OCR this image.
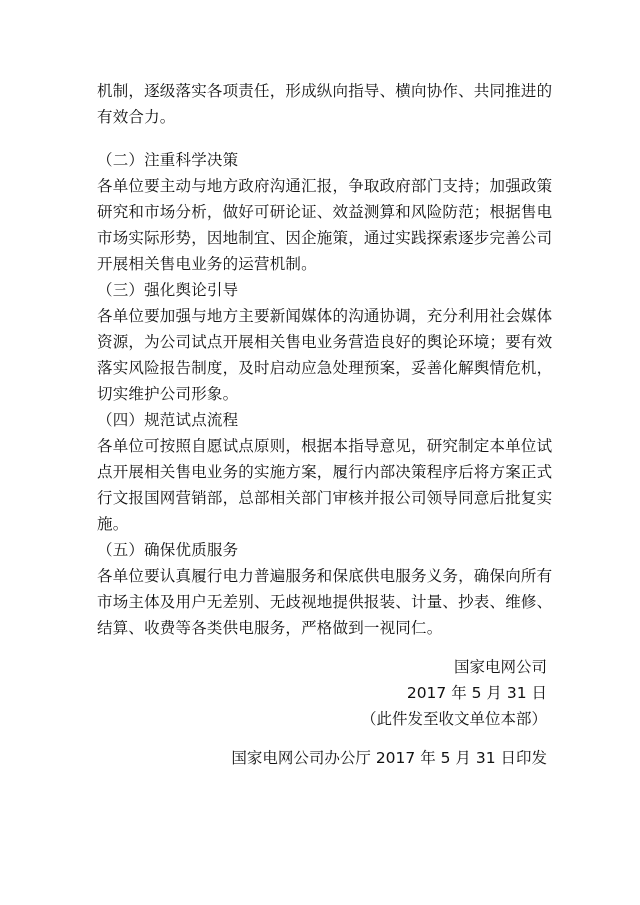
机制，逐级落实各项责任，形成纵向指导、横向协作、共同推进的
有效合力。
（二）注重科学决策
各单位要主动与地方政府沟通汇报，争取政府部门支持；加强政策
研究和市场分析，做好可研论证、效益测算和风险防范；根据售电
市场实际形势，因地制宜、因企施策，通过实践探索逐步完善公司
开展相关售电业务的运营机制。
（三）强化舆论引导
各单位要加强与地方主要新闻媒体的沟通协调，充分利用社会媒体
资源，为公司试点开展相关售电业务营造良好的舆论环境；要有效
落实风险报告制度，及时启动应急处理预案，妥善化解舆情危机，
切实维护公司形象。
（四）规范试点流程
各单位可按照自愿试点原则，根据本指导意见，研究制定本单位试
点开展相关售电业务的实施方案，履行内部决策程序后将方案正式
行文报国网营销部，总部相关部门审核并报公司领导同意后批复实
施。
（五）确保优质服务
各单位要认真履行电力普遍服务和保底供电服务义务，确保向所有
市场主体及用户无差别、无歧视地提供报装、计量、抄表、维修、
结算、收费等各类供电服务，严格做到一视同仁。
国家电网公司
2017 年 5 月 31 日
（此件发至收文单位本部）
国家电网公司办公厅 2017 年 5 月 31 日印发
